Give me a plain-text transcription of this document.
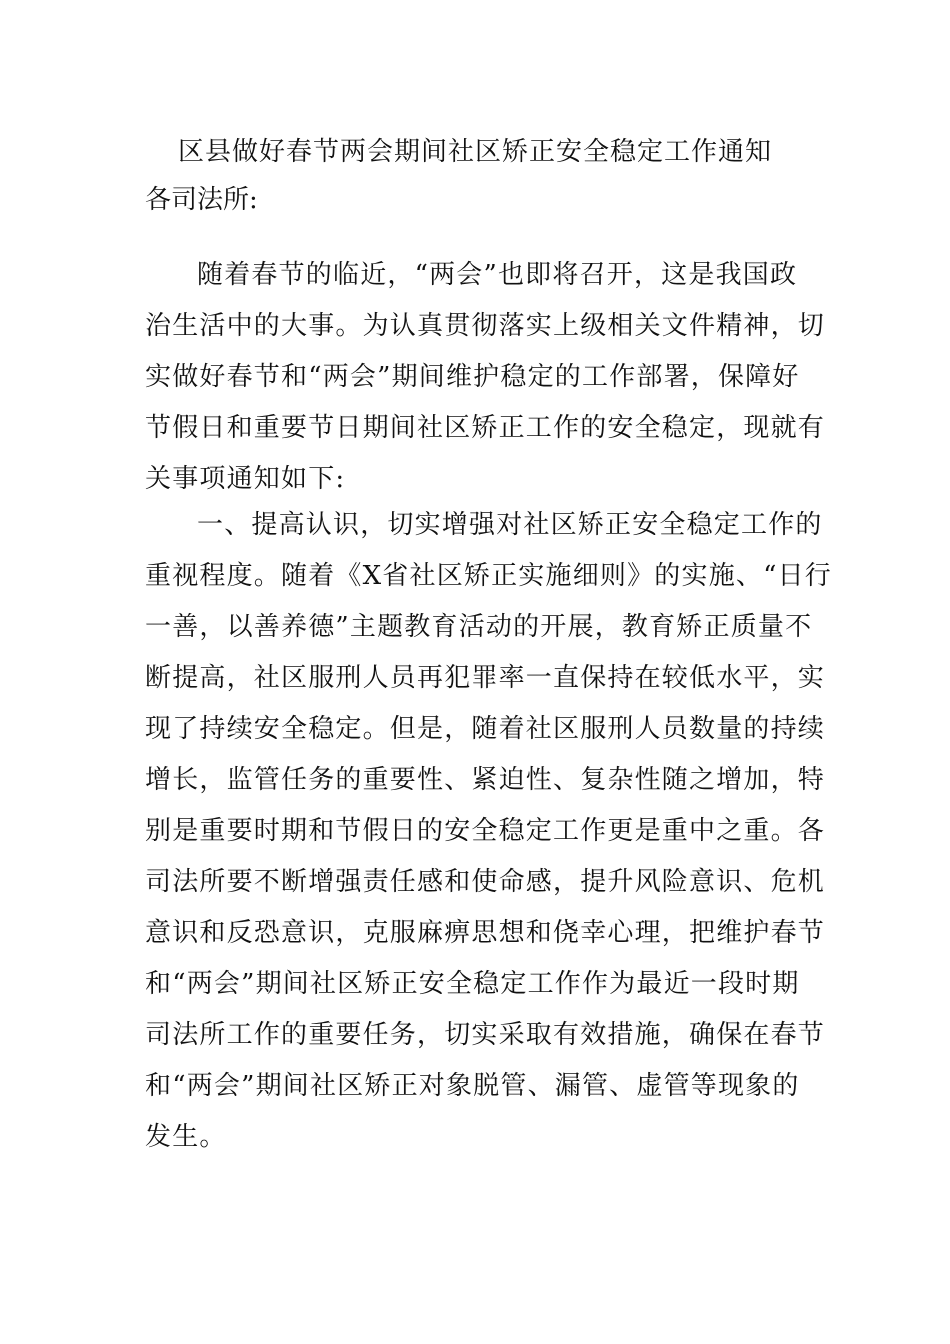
区县做好春节两会期间社区矫正安全稳定工作通知
各司法所:
随着春节的临近，“两会”也即将召开，这是我国政
治生活中的大事。为认真贯彻落实上级相关文件精神，切
实做好春节和“两会”期间维护稳定的工作部署，保障好
节假日和重要节日期间社区矫正工作的安全稳定，现就有
关事项通知如下:
一、提高认识，切实增强对社区矫正安全稳定工作的
重视程度。随着《X省社区矫正实施细则》的实施、“日行
一善，以善养德”主题教育活动的开展，教育矫正质量不
断提高，社区服刑人员再犯罪率一直保持在较低水平，实
现了持续安全稳定。但是，随着社区服刑人员数量的持续
增长，监管任务的重要性、紧迫性、复杂性随之增加，特
别是重要时期和节假日的安全稳定工作更是重中之重。各
司法所要不断增强责任感和使命感，提升风险意识、危机
意识和反恐意识，克服麻痹思想和侥幸心理，把维护春节
和“两会”期间社区矫正安全稳定工作作为最近一段时期
司法所工作的重要任务，切实采取有效措施，确保在春节
和“两会”期间社区矫正对象脱管、漏管、虚管等现象的
发生。
